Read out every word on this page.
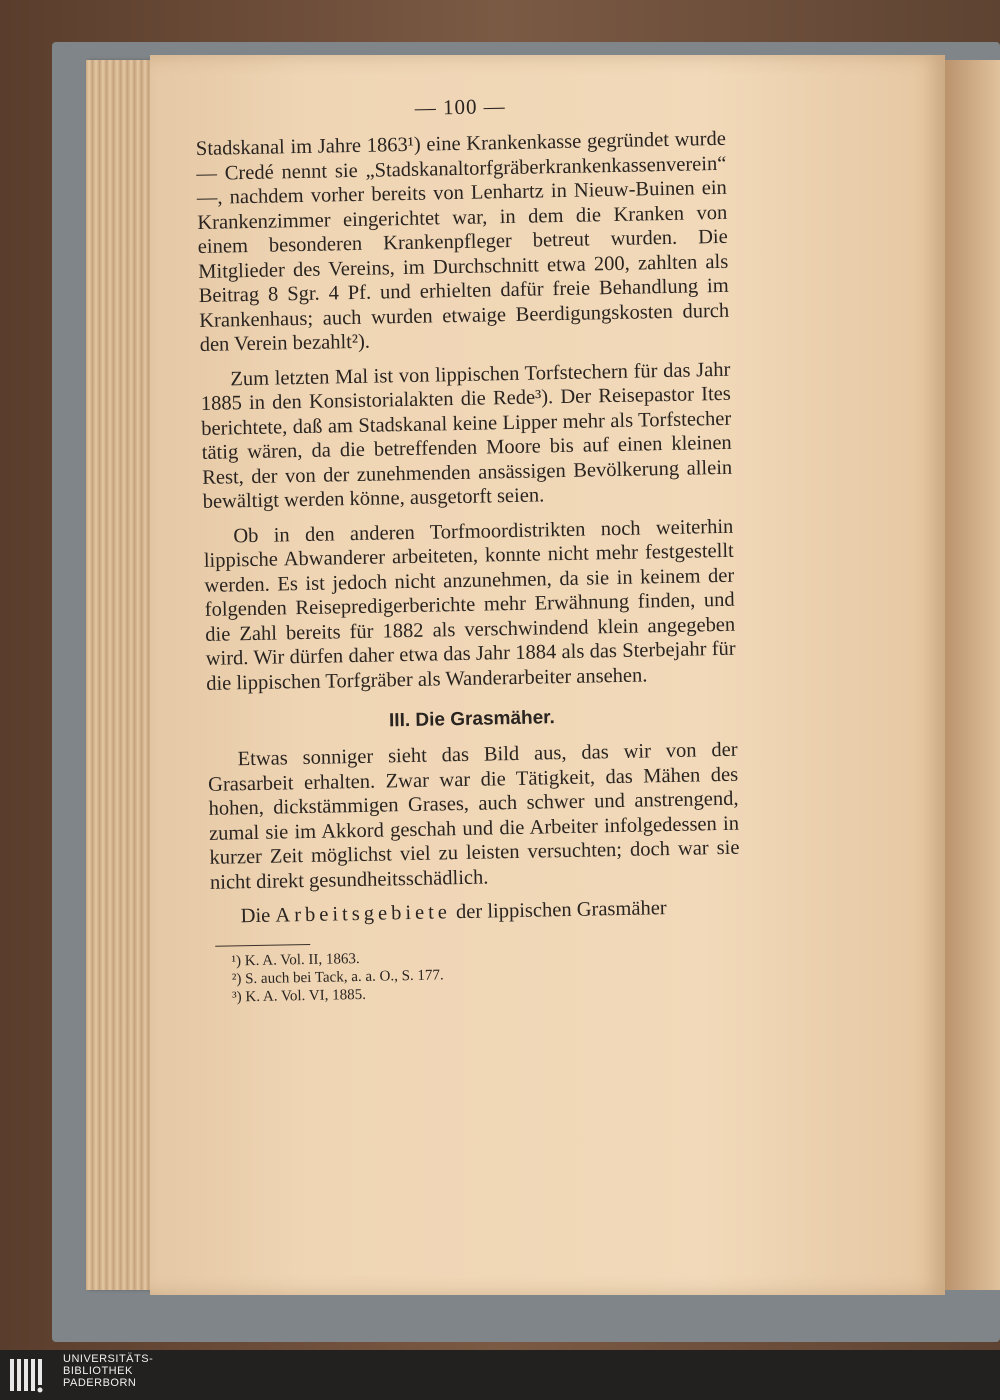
— 100 —

Stadskanal im Jahre 1863¹) eine Krankenkasse gegründet wurde — Credé nennt sie „Stadskanaltorfgräberkrankenkassenverein“ —, nachdem vorher bereits von Lenhartz in Nieuw-Buinen ein Krankenzimmer eingerichtet war, in dem die Kranken von einem besonderen Krankenpfleger betreut wurden. Die Mitglieder des Vereins, im Durchschnitt etwa 200, zahlten als Beitrag 8 Sgr. 4 Pf. und erhielten dafür freie Behandlung im Krankenhaus; auch wurden etwaige Beerdigungskosten durch den Verein bezahlt²).

Zum letzten Mal ist von lippischen Torfstechern für das Jahr 1885 in den Konsistorialakten die Rede³). Der Reisepastor Ites berichtete, daß am Stadskanal keine Lipper mehr als Torfstecher tätig wären, da die betreffenden Moore bis auf einen kleinen Rest, der von der zunehmenden ansässigen Bevölkerung allein bewältigt werden könne, ausgetorft seien.

Ob in den anderen Torfmoordistrikten noch weiterhin lippische Abwanderer arbeiteten, konnte nicht mehr festgestellt werden. Es ist jedoch nicht anzunehmen, da sie in keinem der folgenden Reisepredigerberichte mehr Erwähnung finden, und die Zahl bereits für 1882 als verschwindend klein angegeben wird. Wir dürfen daher etwa das Jahr 1884 als das Sterbejahr für die lippischen Torfgräber als Wanderarbeiter ansehen.

III. Die Grasmäher.

Etwas sonniger sieht das Bild aus, das wir von der Grasarbeit erhalten. Zwar war die Tätigkeit, das Mähen des hohen, dickstämmigen Grases, auch schwer und anstrengend, zumal sie im Akkord geschah und die Arbeiter infolgedessen in kurzer Zeit möglichst viel zu leisten versuchten; doch war sie nicht direkt gesundheitsschädlich.

Die Arbeitsgebiete der lippischen Grasmäher

¹) K. A. Vol. II, 1863.
²) S. auch bei Tack, a. a. O., S. 177.
³) K. A. Vol. VI, 1885.
UNIVERSITÄTS-
BIBLIOTHEK
PADERBORN
